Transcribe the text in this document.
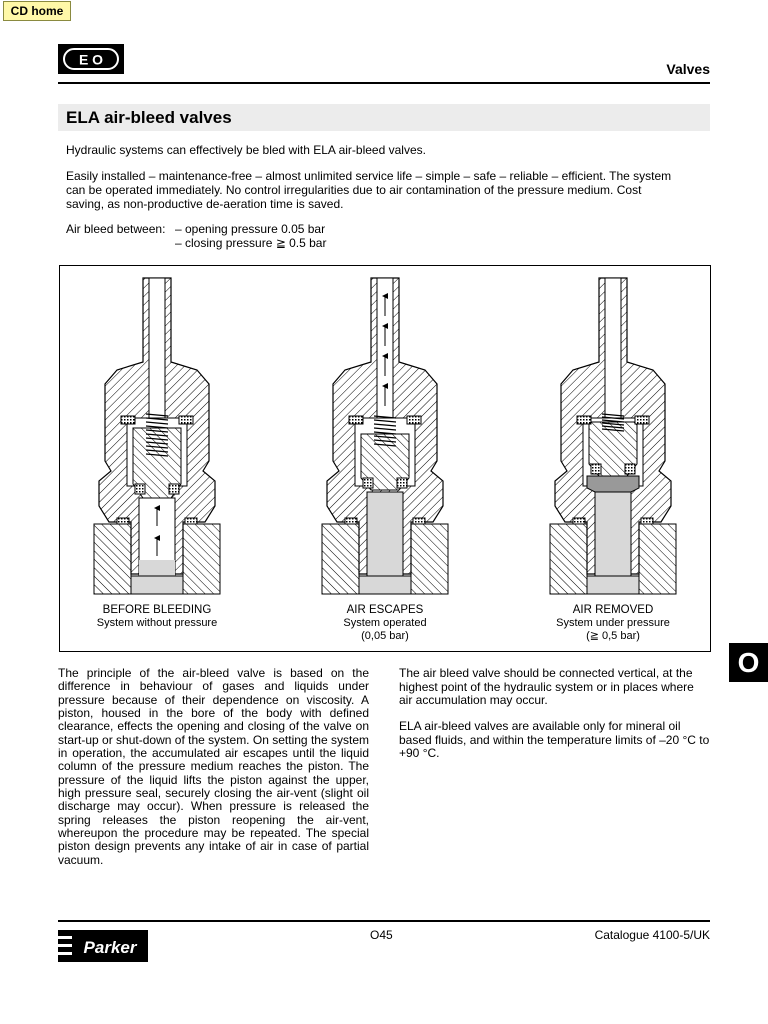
CD home
E O
Valves
ELA air-bleed valves
Hydraulic systems can effectively be bled with ELA air-bleed valves.
Easily installed – maintenance-free – almost unlimited service life – simple – safe – reliable – efficient. The system can be operated immediately. No control irregularities due to air contamination of the pressure medium. Cost saving, as non-productive de-aeration time is saved.
Air bleed between: – opening pressure 0.05 bar
– closing pressure ≧ 0.5 bar
BEFORE BLEEDING
System without pressure
AIR ESCAPES
System operated
(0,05 bar)
AIR REMOVED
System under pressure
(≧ 0,5 bar)
O
The principle of the air-bleed valve is based on the difference in behaviour of gases and liquids under pressure because of their dependence on viscosity. A piston, housed in the bore of the body with defined clearance, effects the opening and closing of the valve on start-up or shut-down of the system. On setting the system in operation, the accumulated air escapes until the liquid column of the pressure medium reaches the piston. The pressure of the liquid lifts the piston against the upper, high pressure seal, securely closing the air-vent (slight oil discharge may occur). When pressure is released the spring releases the piston reopening the air-vent, whereupon the procedure may be repeated. The special piston design prevents any intake of air in case of partial vacuum.
The air bleed valve should be connected vertical, at the highest point of the hydraulic system or in places where air accumulation may occur.
ELA air-bleed valves are available only for mineral oil based fluids, and within the temperature limits of –20 °C to +90 °C.
Parker
O45	Catalogue 4100-5/UK
